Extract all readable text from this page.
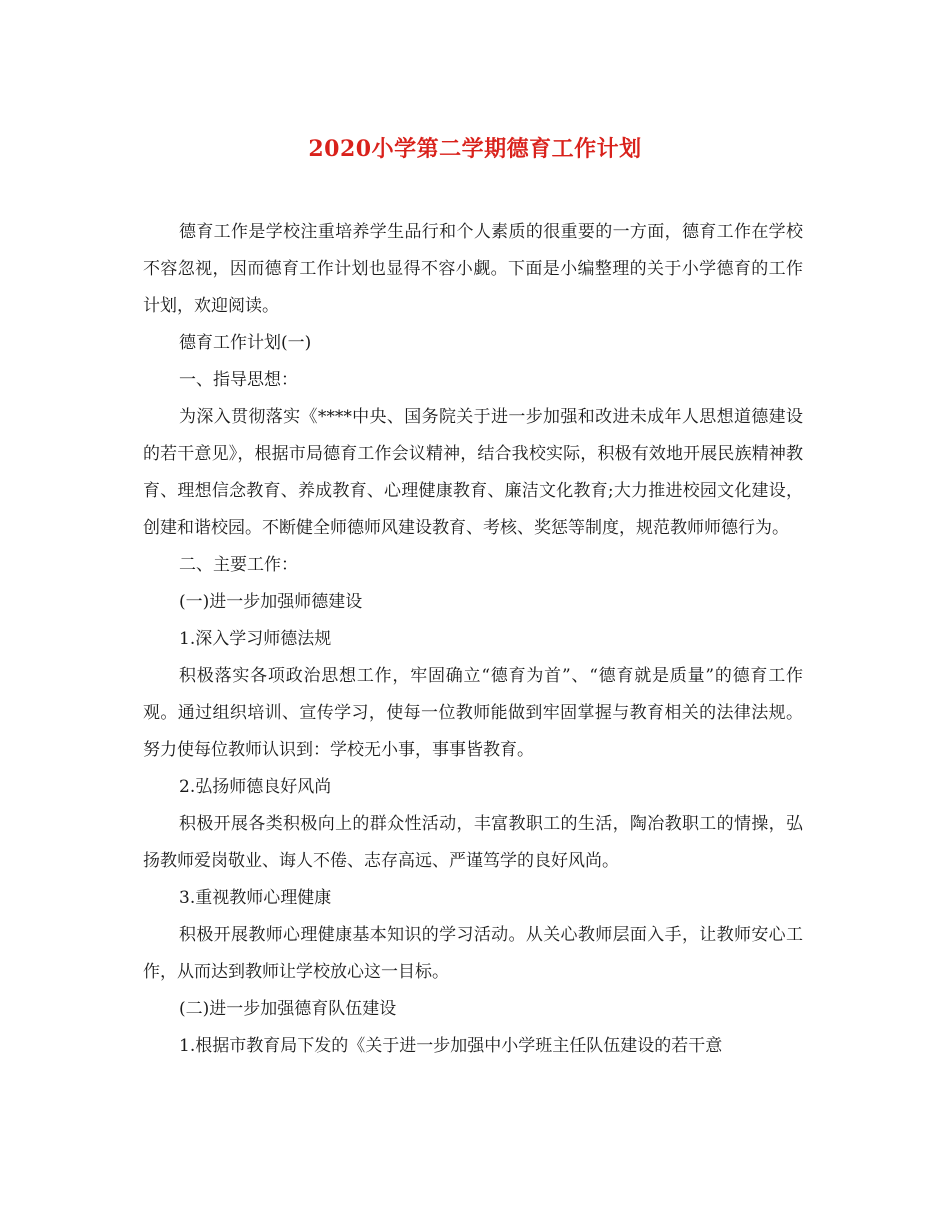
2020小学第二学期德育工作计划

德育工作是学校注重培养学生品行和个人素质的很重要的一方面，德育工作在学校不容忽视，因而德育工作计划也显得不容小觑。下面是小编整理的关于小学德育的工作计划，欢迎阅读。

德育工作计划(一)

一、指导思想：

为深入贯彻落实《****中央、国务院关于进一步加强和改进未成年人思想道德建设的若干意见》，根据市局德育工作会议精神，结合我校实际，积极有效地开展民族精神教育、理想信念教育、养成教育、心理健康教育、廉洁文化教育;大力推进校园文化建设，创建和谐校园。不断健全师德师风建设教育、考核、奖惩等制度，规范教师师德行为。

二、主要工作：

(一)进一步加强师德建设

1.深入学习师德法规

积极落实各项政治思想工作，牢固确立“德育为首”、“德育就是质量”的德育工作观。通过组织培训、宣传学习，使每一位教师能做到牢固掌握与教育相关的法律法规。努力使每位教师认识到：学校无小事，事事皆教育。

2.弘扬师德良好风尚

积极开展各类积极向上的群众性活动，丰富教职工的生活，陶冶教职工的情操，弘扬教师爱岗敬业、诲人不倦、志存高远、严谨笃学的良好风尚。

3.重视教师心理健康

积极开展教师心理健康基本知识的学习活动。从关心教师层面入手，让教师安心工作，从而达到教师让学校放心这一目标。

(二)进一步加强德育队伍建设

1.根据市教育局下发的《关于进一步加强中小学班主任队伍建设的若干意
